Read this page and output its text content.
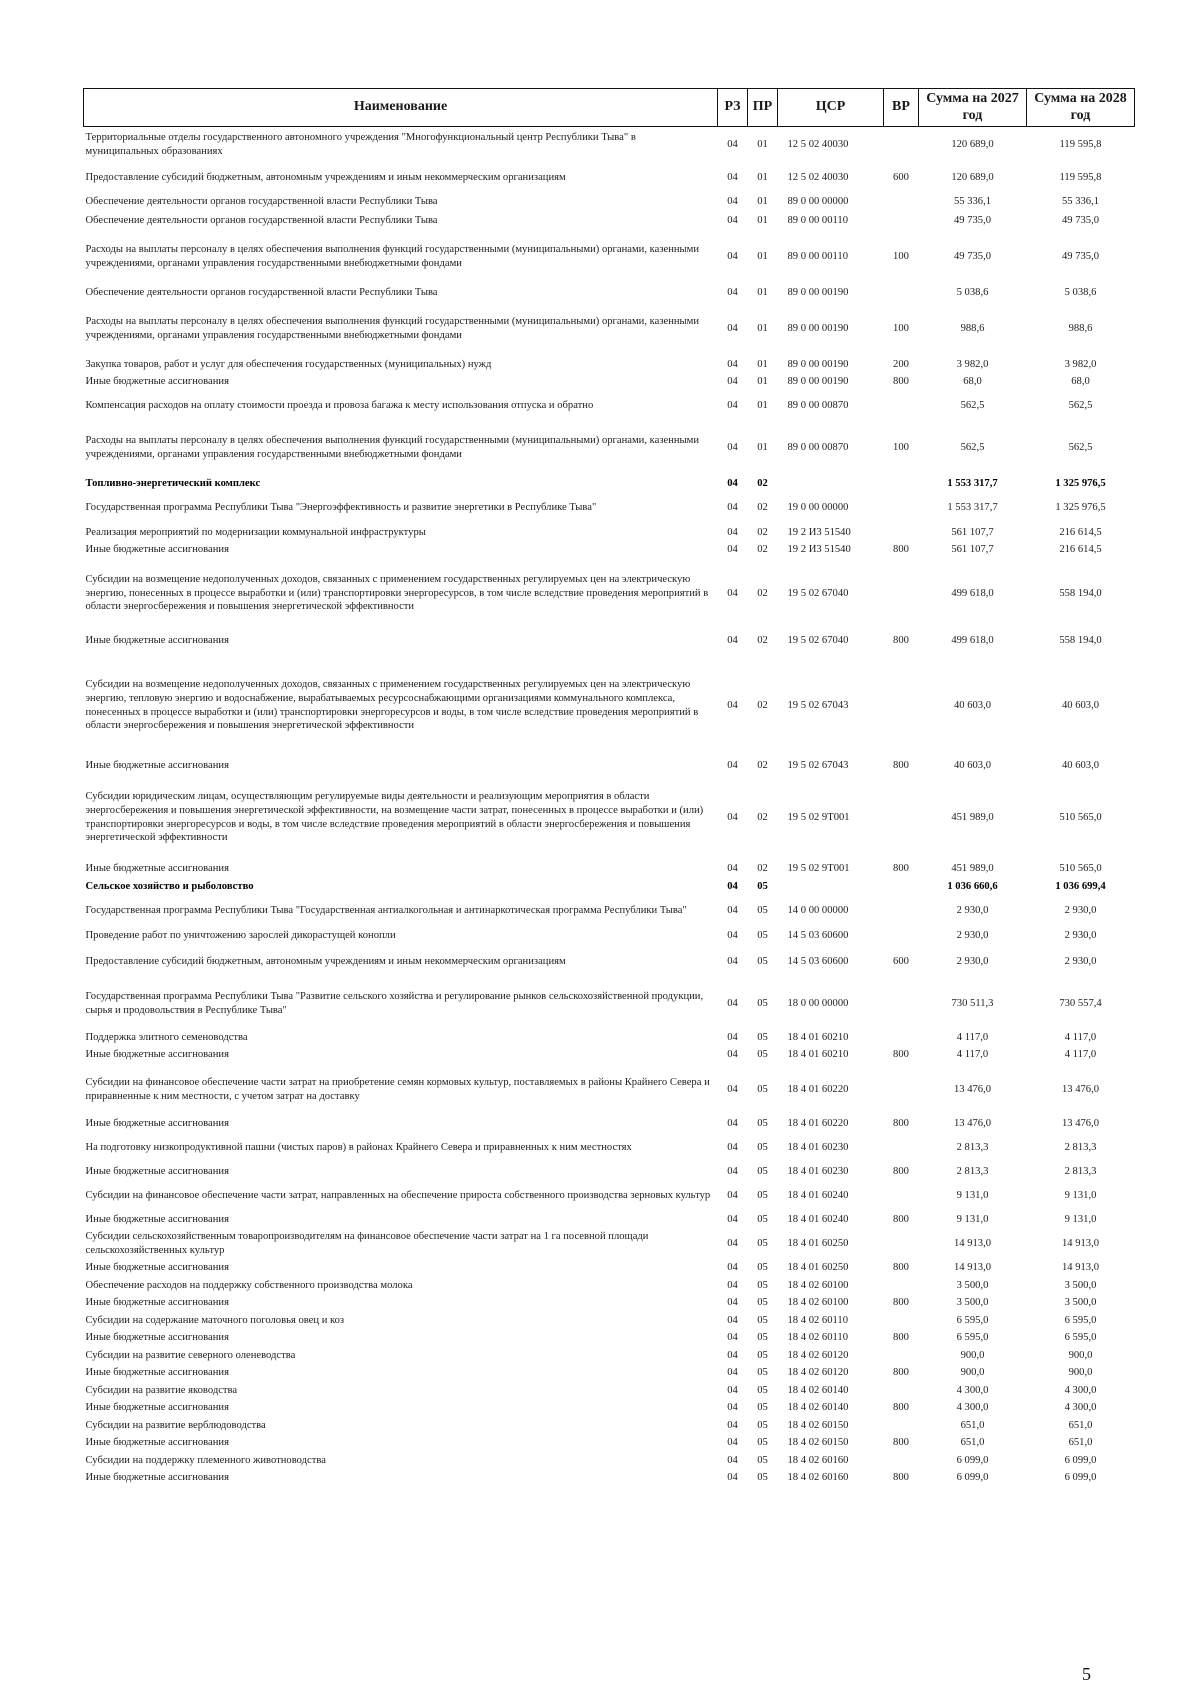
Наименование	РЗ	ПР	ЦСР	ВР	Сумма на 2027 год	Сумма на 2028 год
Территориальные отделы государственного автономного учреждения "Многофункциональный центр Республики Тыва" в муниципальных образованиях	04	01	12 5 02 40030		120 689,0	119 595,8
Предоставление субсидий бюджетным, автономным учреждениям и иным некоммерческим организациям	04	01	12 5 02 40030	600	120 689,0	119 595,8
Обеспечение деятельности органов государственной власти Республики Тыва	04	01	89 0 00 00000		55 336,1	55 336,1
Обеспечение деятельности органов государственной власти Республики Тыва	04	01	89 0 00 00110		49 735,0	49 735,0
Расходы на выплаты персоналу в целях обеспечения выполнения функций государственными (муниципальными) органами, казенными учреждениями, органами управления государственными внебюджетными фондами	04	01	89 0 00 00110	100	49 735,0	49 735,0
Обеспечение деятельности органов государственной власти Республики Тыва	04	01	89 0 00 00190		5 038,6	5 038,6
Расходы на выплаты персоналу в целях обеспечения выполнения функций государственными (муниципальными) органами, казенными учреждениями, органами управления государственными внебюджетными фондами	04	01	89 0 00 00190	100	988,6	988,6
Закупка товаров, работ и услуг для обеспечения государственных (муниципальных) нужд	04	01	89 0 00 00190	200	3 982,0	3 982,0
Иные бюджетные ассигнования	04	01	89 0 00 00190	800	68,0	68,0
Компенсация расходов на оплату стоимости проезда и провоза багажа к месту использования отпуска и обратно	04	01	89 0 00 00870		562,5	562,5
Расходы на выплаты персоналу в целях обеспечения выполнения функций государственными (муниципальными) органами, казенными учреждениями, органами управления государственными внебюджетными фондами	04	01	89 0 00 00870	100	562,5	562,5
Топливно-энергетический комплекс	04	02			1 553 317,7	1 325 976,5
Государственная программа Республики Тыва "Энергоэффективность и развитие энергетики в Республике Тыва"	04	02	19 0 00 00000		1 553 317,7	1 325 976,5
Реализация мероприятий по модернизации коммунальной инфраструктуры	04	02	19 2 И3 51540		561 107,7	216 614,5
Иные бюджетные ассигнования	04	02	19 2 И3 51540	800	561 107,7	216 614,5
Субсидии на возмещение недополученных доходов, связанных с применением государственных регулируемых цен на электрическую энергию, понесенных в процессе выработки и (или) транспортировки энергоресурсов, в том числе вследствие проведения мероприятий в области энергосбережения и повышения энергетической эффективности	04	02	19 5 02 67040		499 618,0	558 194,0
Иные бюджетные ассигнования	04	02	19 5 02 67040	800	499 618,0	558 194,0
Субсидии на возмещение недополученных доходов, связанных с применением государственных регулируемых цен на электрическую энергию, тепловую энергию и водоснабжение, вырабатываемых ресурсоснабжающими организациями коммунального комплекса, понесенных в процессе выработки и (или) транспортировки энергоресурсов и воды, в том числе вследствие проведения мероприятий в области энергосбережения и повышения энергетической эффективности	04	02	19 5 02 67043		40 603,0	40 603,0
Иные бюджетные ассигнования	04	02	19 5 02 67043	800	40 603,0	40 603,0
Субсидии юридическим лицам, осуществляющим регулируемые виды деятельности и реализующим мероприятия в области энергосбережения и повышения энергетической эффективности, на возмещение части затрат, понесенных в процессе выработки и (или) транспортировки энергоресурсов и воды, в том числе вследствие проведения мероприятий в области энергосбережения и повышения энергетической эффективности	04	02	19 5 02 9Т001		451 989,0	510 565,0
Иные бюджетные ассигнования	04	02	19 5 02 9Т001	800	451 989,0	510 565,0
Сельское хозяйство и рыболовство	04	05			1 036 660,6	1 036 699,4
Государственная программа Республики Тыва "Государственная антиалкогольная и антинаркотическая программа Республики Тыва"	04	05	14 0 00 00000		2 930,0	2 930,0
Проведение работ по уничтожению зарослей дикорастущей конопли	04	05	14 5 03 60600		2 930,0	2 930,0
Предоставление субсидий бюджетным, автономным учреждениям и иным некоммерческим организациям	04	05	14 5 03 60600	600	2 930,0	2 930,0
Государственная программа Республики Тыва "Развитие сельского хозяйства и регулирование рынков сельскохозяйственной продукции, сырья и продовольствия в Республике Тыва"	04	05	18 0 00 00000		730 511,3	730 557,4
Поддержка элитного семеноводства	04	05	18 4 01 60210		4 117,0	4 117,0
Иные бюджетные ассигнования	04	05	18 4 01 60210	800	4 117,0	4 117,0
Субсидии на финансовое обеспечение части затрат на приобретение семян кормовых культур, поставляемых в районы Крайнего Севера и приравненные к ним местности, с учетом затрат на доставку	04	05	18 4 01 60220		13 476,0	13 476,0
Иные бюджетные ассигнования	04	05	18 4 01 60220	800	13 476,0	13 476,0
На подготовку низкопродуктивной пашни (чистых паров) в районах Крайнего Севера и приравненных к ним местностях	04	05	18 4 01 60230		2 813,3	2 813,3
Иные бюджетные ассигнования	04	05	18 4 01 60230	800	2 813,3	2 813,3
Субсидии на финансовое обеспечение части затрат, направленных на обеспечение прироста собственного производства зерновых культур	04	05	18 4 01 60240		9 131,0	9 131,0
Иные бюджетные ассигнования	04	05	18 4 01 60240	800	9 131,0	9 131,0
Субсидии сельскохозяйственным товаропроизводителям на финансовое обеспечение части затрат на 1 га посевной площади сельскохозяйственных культур	04	05	18 4 01 60250		14 913,0	14 913,0
Иные бюджетные ассигнования	04	05	18 4 01 60250	800	14 913,0	14 913,0
Обеспечение расходов на поддержку собственного производства молока	04	05	18 4 02 60100		3 500,0	3 500,0
Иные бюджетные ассигнования	04	05	18 4 02 60100	800	3 500,0	3 500,0
Субсидии на содержание маточного поголовья овец и коз	04	05	18 4 02 60110		6 595,0	6 595,0
Иные бюджетные ассигнования	04	05	18 4 02 60110	800	6 595,0	6 595,0
Субсидии на развитие северного оленеводства	04	05	18 4 02 60120		900,0	900,0
Иные бюджетные ассигнования	04	05	18 4 02 60120	800	900,0	900,0
Субсидии на развитие яководства	04	05	18 4 02 60140		4 300,0	4 300,0
Иные бюджетные ассигнования	04	05	18 4 02 60140	800	4 300,0	4 300,0
Субсидии на развитие верблюдоводства	04	05	18 4 02 60150		651,0	651,0
Иные бюджетные ассигнования	04	05	18 4 02 60150	800	651,0	651,0
Субсидии на поддержку племенного животноводства	04	05	18 4 02 60160		6 099,0	6 099,0
Иные бюджетные ассигнования	04	05	18 4 02 60160	800	6 099,0	6 099,0
5
